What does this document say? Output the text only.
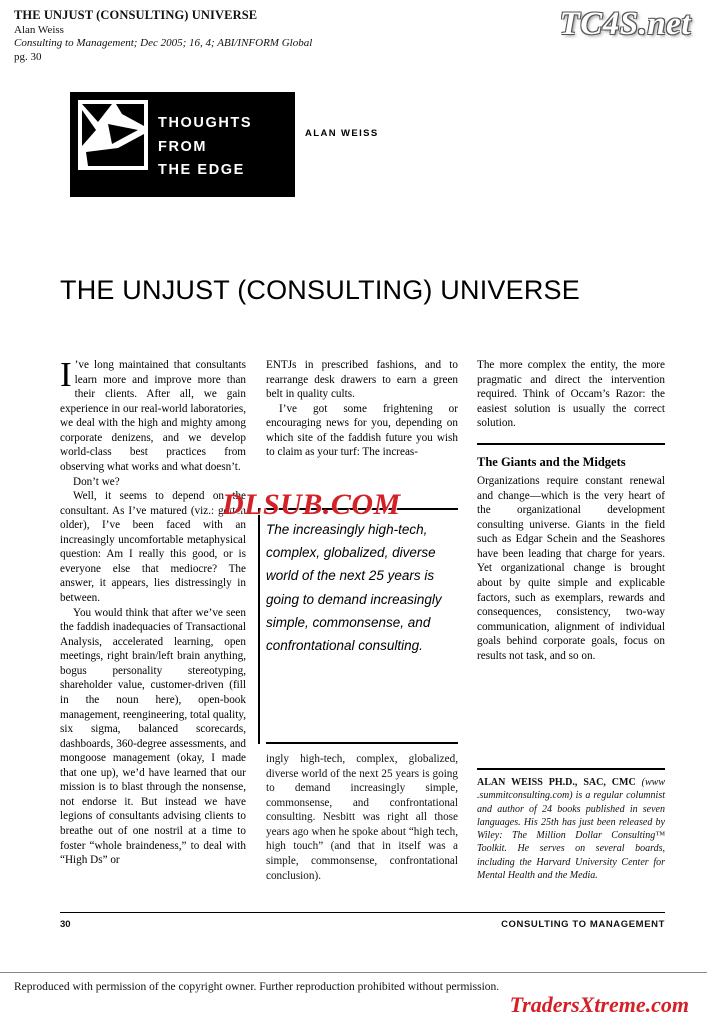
THE UNJUST (CONSULTING) UNIVERSE
Alan Weiss
Consulting to Management; Dec 2005; 16, 4; ABI/INFORM Global
pg. 30
TC4S.net
THOUGHTS
FROM
THE EDGE
ALAN WEISS
THE UNJUST (CONSULTING) UNIVERSE
I ’ve long maintained that consultants learn more and improve more than their clients. After all, we gain experience in our real-world laboratories, we deal with the high and mighty among corporate denizens, and we develop world-class best practices from observing what works and what doesn’t.

Don’t we?

Well, it seems to depend on the consultant. As I’ve matured (viz.: gotten older), I’ve been faced with an increasingly uncomfortable metaphysical question: Am I really this good, or is everyone else that mediocre? The answer, it appears, lies distressingly in between.

You would think that after we’ve seen the faddish inadequacies of Transactional Analysis, accelerated learning, open meetings, right brain/left brain anything, bogus personality stereotyping, shareholder value, customer-driven (fill in the noun here), open-book management, reengineering, total quality, six sigma, balanced scorecards, dashboards, 360-degree assessments, and mongoose management (okay, I made that one up), we’d have learned that our mission is to blast through the nonsense, not endorse it. But instead we have legions of consultants advising clients to breathe out of one nostril at a time to foster “whole braindeness,” to deal with “High Ds” or

ENTJs in prescribed fashions, and to rearrange desk drawers to earn a green belt in quality cults.

I’ve got some frightening or encouraging news for you, depending on which site of the faddish future you wish to claim as your turf: The increas-

The increasingly high-tech, complex, globalized, diverse world of the next 25 years is going to demand increasingly simple, commonsense, and confrontational consulting.

ingly high-tech, complex, globalized, diverse world of the next 25 years is going to demand increasingly simple, commonsense, and confrontational consulting. Nesbitt was right all those years ago when he spoke about “high tech, high touch” (and that in itself was a simple, commonsense, confrontational conclusion).

The more complex the entity, the more pragmatic and direct the intervention required. Think of Occam’s Razor: the easiest solution is usually the correct solution.

The Giants and the Midgets

Organizations require constant renewal and change—which is the very heart of the organizational development consulting universe. Giants in the field such as Edgar Schein and the Seashores have been leading that charge for years. Yet organizational change is brought about by quite simple and explicable factors, such as exemplars, rewards and consequences, consistency, two-way communication, alignment of individual goals behind corporate goals, focus on results not task, and so on.

ALAN WEISS PH.D., SAC, CMC (www .summitconsulting.com) is a regular columnist and author of 24 books published in seven languages. His 25th has just been released by Wiley: The Million Dollar Consulting™ Toolkit. He serves on several boards, including the Harvard University Center for Mental Health and the Media.
DLSUB.COM
30	CONSULTING TO MANAGEMENT
Reproduced with permission of the copyright owner. Further reproduction prohibited without permission.
TradersXtreme.com
